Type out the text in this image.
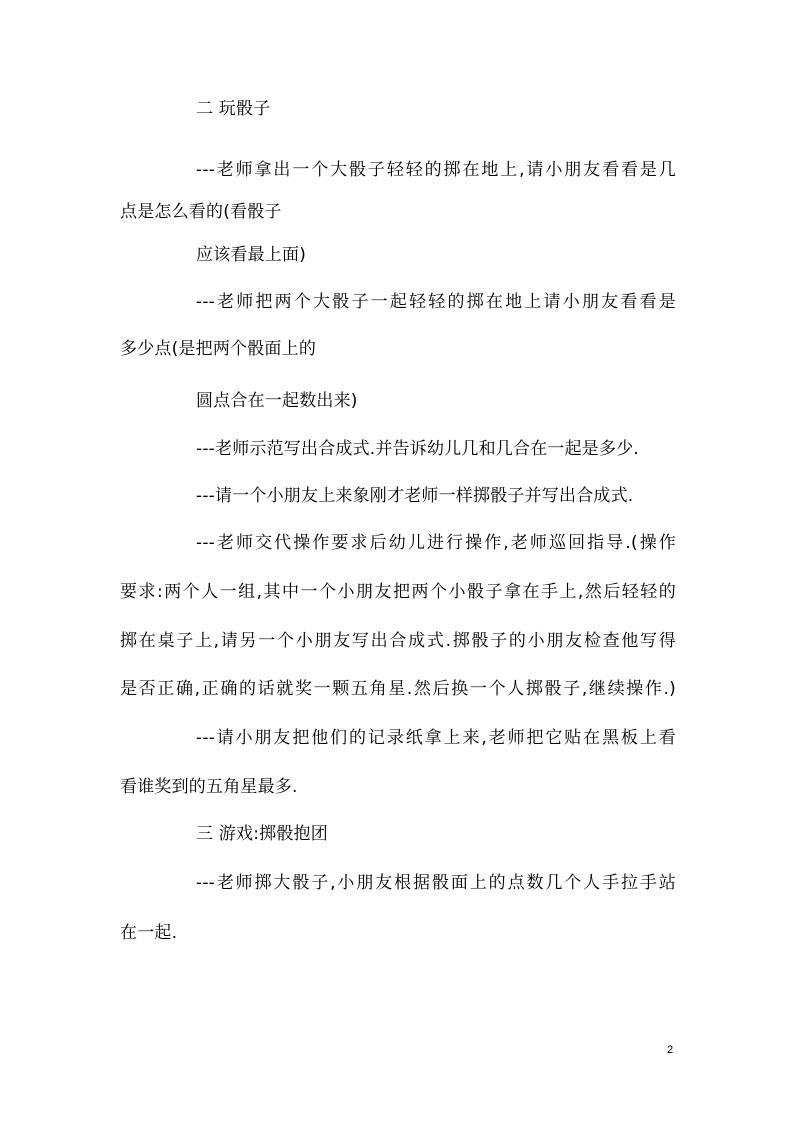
二 玩骰子
---老师拿出一个大骰子轻轻的掷在地上,请小朋友看看是几
点是怎么看的(看骰子
应该看最上面)
---老师把两个大骰子一起轻轻的掷在地上请小朋友看看是
多少点(是把两个骰面上的
圆点合在一起数出来)
---老师示范写出合成式.并告诉幼儿几和几合在一起是多少.
---请一个小朋友上来象刚才老师一样掷骰子并写出合成式.
---老师交代操作要求后幼儿进行操作,老师巡回指导.(操作
要求:两个人一组,其中一个小朋友把两个小骰子拿在手上,然后轻轻的
掷在桌子上,请另一个小朋友写出合成式.掷骰子的小朋友检查他写得
是否正确,正确的话就奖一颗五角星.然后换一个人掷骰子,继续操作.)
---请小朋友把他们的记录纸拿上来,老师把它贴在黑板上看
看谁奖到的五角星最多.
三 游戏:掷骰抱团
---老师掷大骰子,小朋友根据骰面上的点数几个人手拉手站
在一起.
2
